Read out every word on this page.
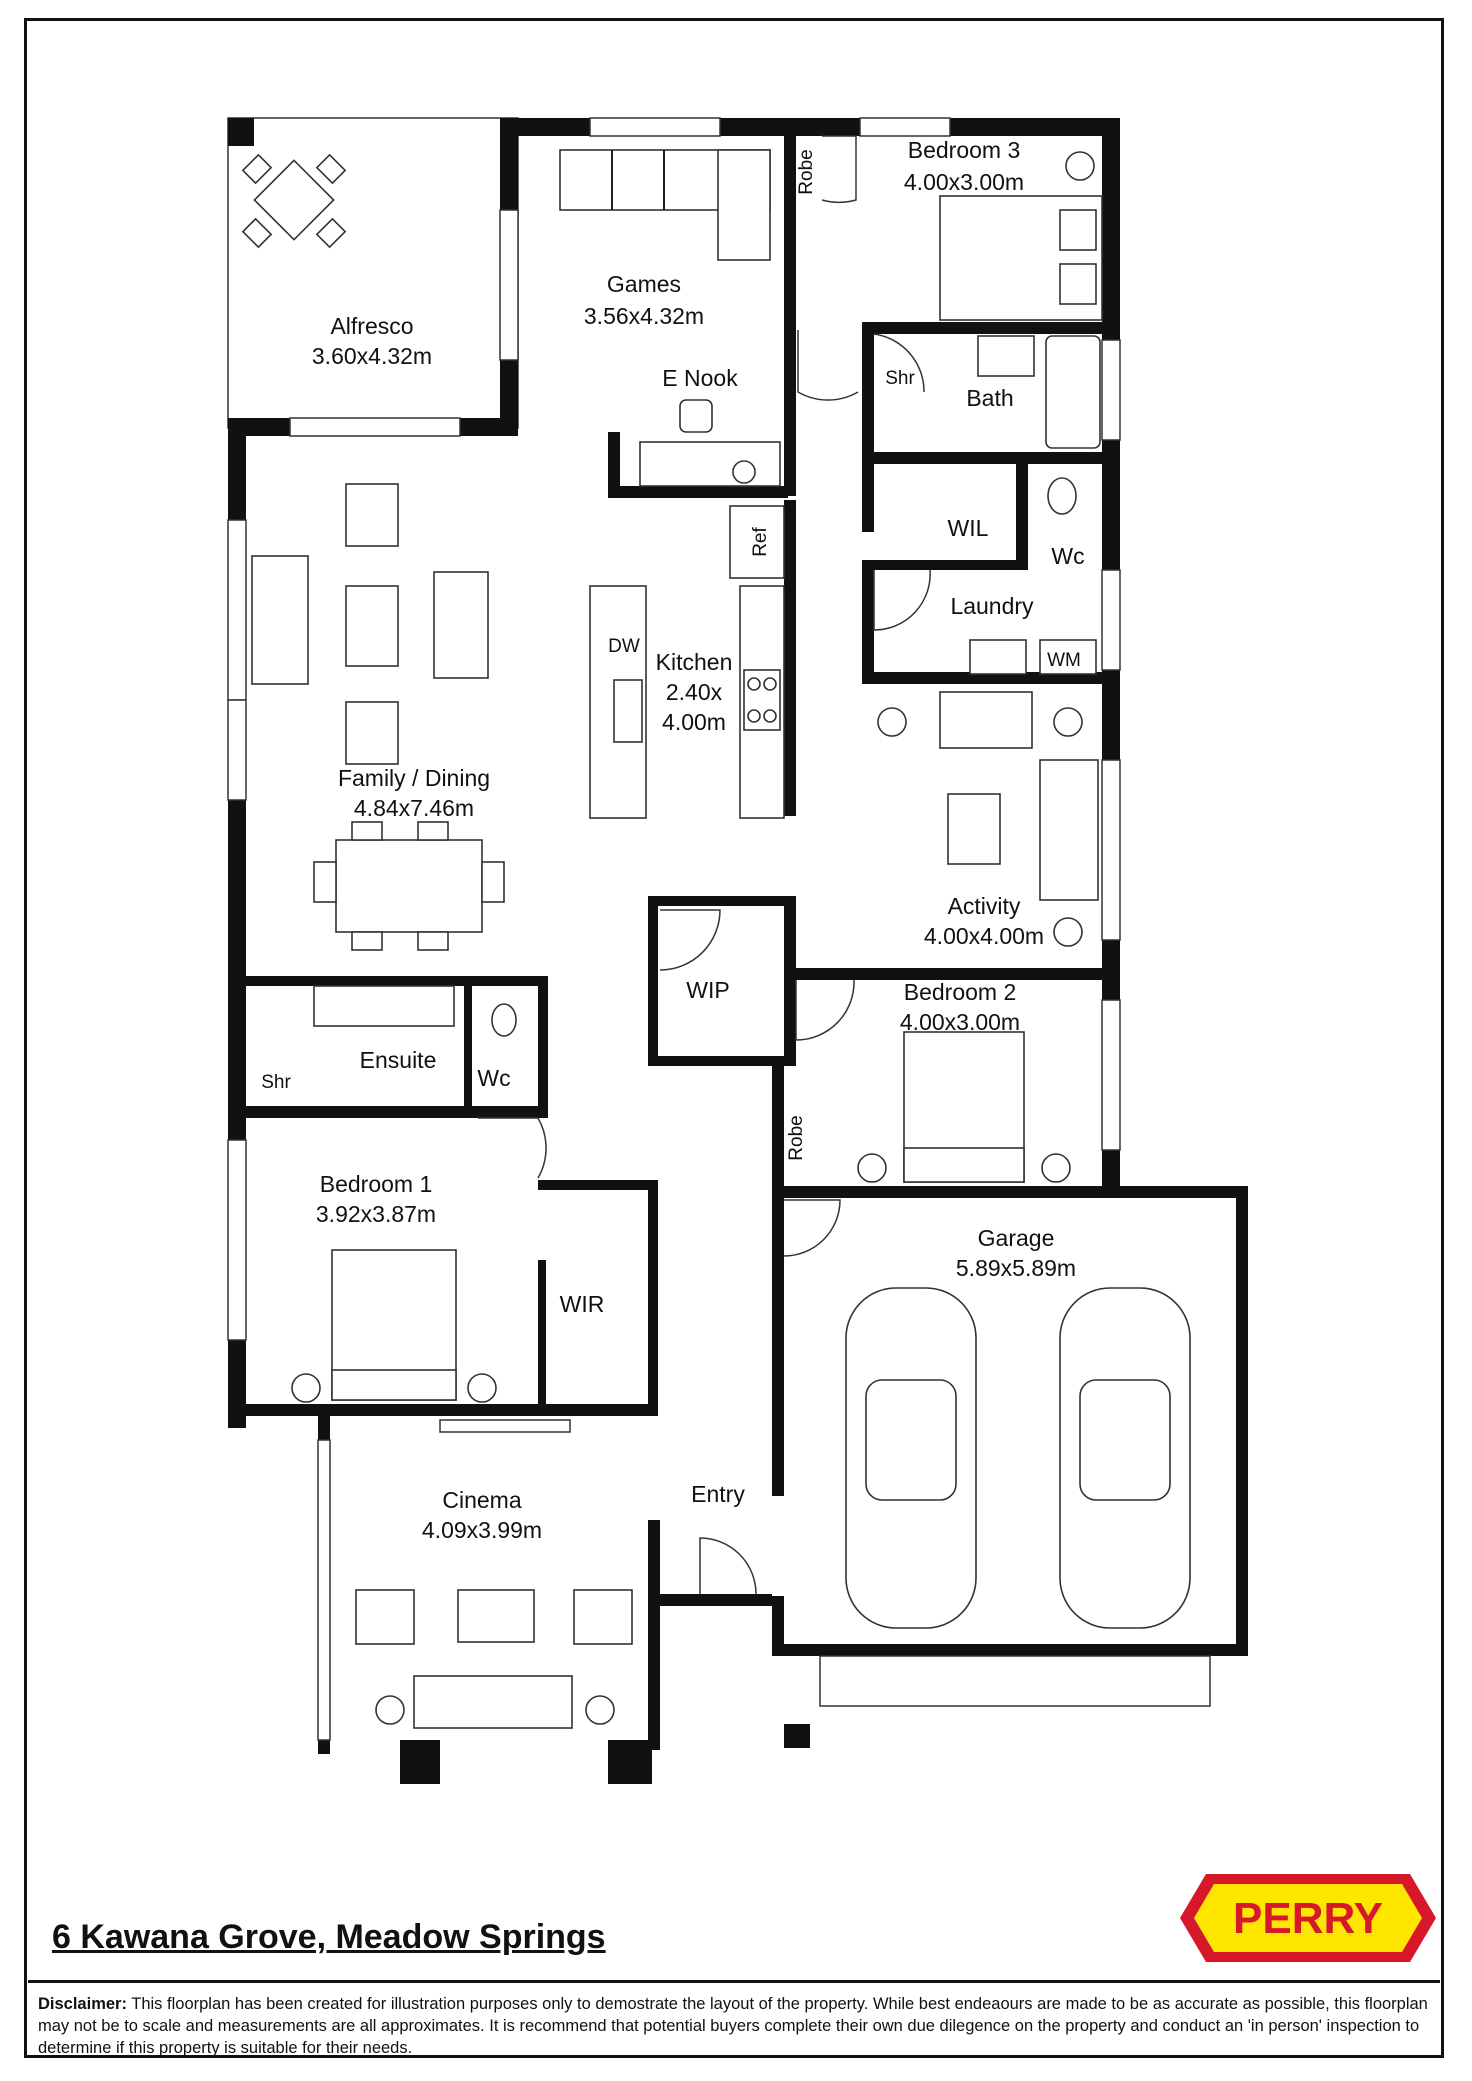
Alfresco
3.60x4.32m
Games
3.56x4.32m
E Nook
Bedroom 3
4.00x3.00m
Robe
Bath
Shr
WIL
Wc
Laundry
WM
Ref
DW
Kitchen
2.40x
4.00m
Family / Dining
4.84x7.46m
Activity
4.00x4.00m
WIP	Bedroom 2
4.00x3.00m
Robe
Ensuite
Shr	Wc
Bedroom 1
3.92x3.87m
WIR
Garage
5.89x5.89m
Cinema
4.09x3.99m
Entry
6 Kawana Grove, Meadow Springs	PERRY
Disclaimer: This floorplan has been created for illustration purposes only to demostrate the layout of the property. While best endeaours are made to be as accurate as possible, this floorplan may not be to scale and measurements are all approximates. It is recommend that potential buyers complete their own due dilegence on the property and conduct an 'in person' inspection to determine if this property is suitable for their needs.
